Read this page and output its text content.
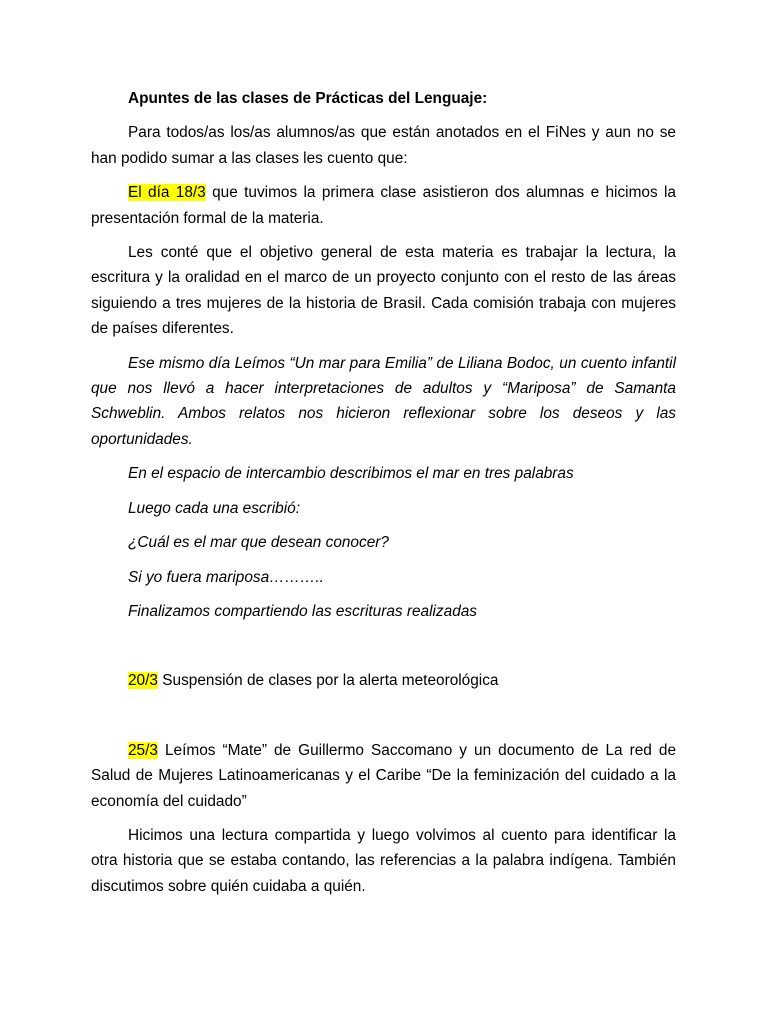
Apuntes de las clases de Prácticas del Lenguaje:

Para todos/as los/as alumnos/as que están anotados en el FiNes y aun no se han podido sumar a las clases les cuento que:

El día 18/3 que tuvimos la primera clase asistieron dos alumnas e hicimos la presentación formal de la materia.

Les conté que el objetivo general de esta materia es trabajar la lectura, la escritura y la oralidad en el marco de un proyecto conjunto con el resto de las áreas siguiendo a tres mujeres de la historia de Brasil. Cada comisión trabaja con mujeres de países diferentes.

Ese mismo día Leímos “Un mar para Emilia” de Liliana Bodoc, un cuento infantil que nos llevó a hacer interpretaciones de adultos y “Mariposa” de Samanta Schweblin. Ambos relatos nos hicieron reflexionar sobre los deseos y las oportunidades.

En el espacio de intercambio describimos el mar en tres palabras

Luego cada una escribió:

¿Cuál es el mar que desean conocer?

Si yo fuera mariposa………..

Finalizamos compartiendo las escrituras realizadas

20/3 Suspensión de clases por la alerta meteorológica

25/3 Leímos “Mate” de Guillermo Saccomano y un documento de La red de Salud de Mujeres Latinoamericanas y el Caribe “De la feminización del cuidado a la economía del cuidado”

Hicimos una lectura compartida y luego volvimos al cuento para identificar la otra historia que se estaba contando, las referencias a la palabra indígena. También discutimos sobre quién cuidaba a quién.
